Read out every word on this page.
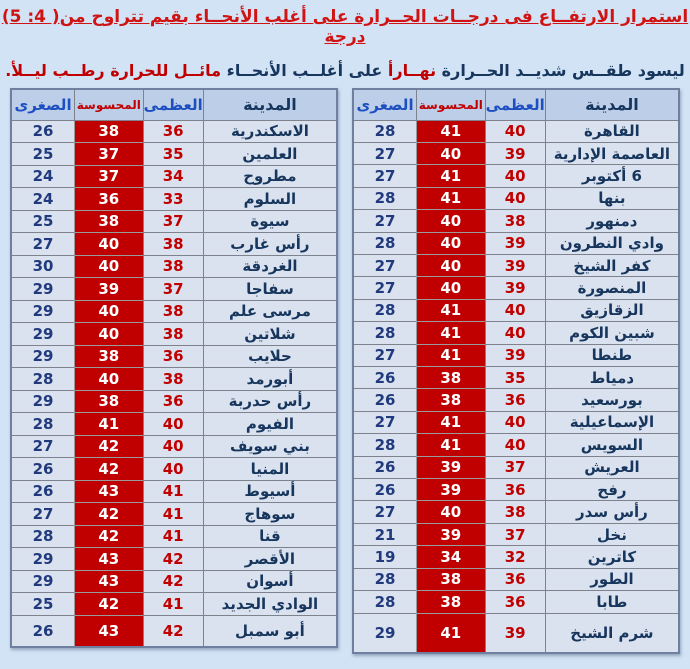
استمرار الارتفــاع فى درجــات الحــرارة على أغلب الأنحــاء بقيم تتراوح من( 4: 5) درجة
ليسود طقــس شديــد الحــرارة نهــارأ على أغلــب الأنحــاء مائــل للحرارة رطــب ليــلأ.
المدينة	العظمى	المحسوسة	الصغرى
القاهرة	40	41	28
العاصمة الإدارية	39	40	27
6 أكتوبر	40	41	27
بنها	40	41	28
دمنهور	38	40	27
وادي النطرون	39	40	28
كفر الشيخ	39	40	27
المنصورة	39	40	27
الزقازيق	40	41	28
شبين الكوم	40	41	28
طنطا	39	41	27
دمياط	35	38	26
بورسعيد	36	38	26
الإسماعيلية	40	41	27
السويس	40	41	28
العريش	37	39	26
رفح	36	39	26
رأس سدر	38	40	27
نخل	37	39	21
كاترين	32	34	19
الطور	36	38	28
طابا	36	38	28
شرم الشيخ	39	41	29
المدينة	العظمى	المحسوسة	الصغرى
الاسكندرية	36	38	26
العلمين	35	37	25
مطروح	34	37	24
السلوم	33	36	24
سيوة	37	38	25
رأس غارب	38	40	27
الغردقة	38	40	30
سفاجا	37	39	29
مرسى علم	38	40	29
شلاتين	38	40	29
حلايب	36	38	29
أبورمد	38	40	28
رأس حدربة	36	38	29
الفيوم	40	41	28
بني سويف	40	42	27
المنيا	40	42	26
أسيوط	41	43	26
سوهاج	41	42	27
قنا	41	42	28
الأقصر	42	43	29
أسوان	42	43	29
الوادي الجديد	41	42	25
أبو سمبل	42	43	26
